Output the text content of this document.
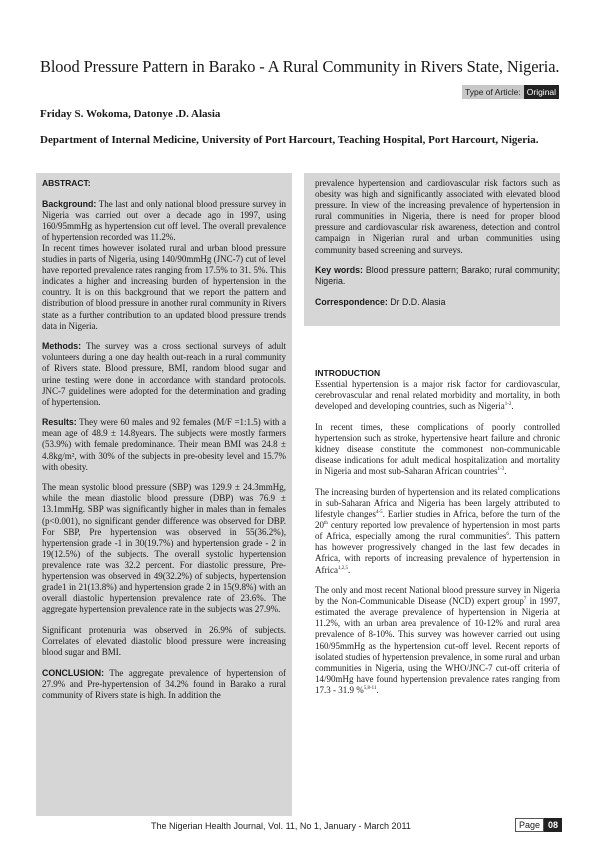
Blood Pressure Pattern in Barako - A Rural Community in Rivers State, Nigeria.
Type of Article: Original
Friday S. Wokoma, Datonye .D. Alasia
Department of Internal Medicine, University of Port Harcourt, Teaching Hospital, Port Harcourt, Nigeria.

ABSTRACT:

Background: The last and only national blood pressure survey in Nigeria was carried out over a decade ago in 1997, using 160/95mmHg as hypertension cut off level. The overall prevalence of hypertension recorded was 11.2%.

In recent times however isolated rural and urban blood pressure studies in parts of Nigeria, using 140/90mmHg (JNC-7) cut of level have reported prevalence rates ranging from 17.5% to 31. 5%. This indicates a higher and increasing burden of hypertension in the country. It is on this background that we report the pattern and distribution of blood pressure in another rural community in Rivers state as a further contribution to an updated blood pressure trends data in Nigeria.

Methods: The survey was a cross sectional surveys of adult volunteers during a one day health out-reach in a rural community of Rivers state. Blood pressure, BMI, random blood sugar and urine testing were done in accordance with standard protocols. JNC-7 guidelines were adopted for the determination and grading of hypertension.

Results: They were 60 males and 92 females (M/F =1:1.5) with a mean age of 48.9 ± 14.8years. The subjects were mostly farmers (53.9%) with female predominance. Their mean BMI was 24.8 ± 4.8kg/m², with 30% of the subjects in pre-obesity level and 15.7% with obesity.

The mean systolic blood pressure (SBP) was 129.9 ± 24.3mmHg, while the mean diastolic blood pressure (DBP) was 76.9 ± 13.1mmHg. SBP was significantly higher in males than in females (p<0.001), no significant gender difference was observed for DBP. For SBP, Pre hypertension was observed in 55(36.2%), hypertension grade -1 in 30(19.7%) and hypertension grade - 2 in 19(12.5%) of the subjects. The overall systolic hypertension prevalence rate was 32.2 percent. For diastolic pressure, Pre-hypertension was observed in 49(32.2%) of subjects, hypertension grade1 in 21(13.8%) and hypertension grade 2 in 15(9.8%) with an overall diastolic hypertension prevalence rate of 23.6%. The aggregate hypertension prevalence rate in the subjects was 27.9%.

Significant protenuria was observed in 26.9% of subjects. Correlates of elevated diastolic blood pressure were increasing blood sugar and BMI.

CONCLUSION: The aggregate prevalence of hypertension of 27.9% and Pre-hypertension of 34.2% found in Barako a rural community of Rivers state is high. In addition the

prevalence hypertension and cardiovascular risk factors such as obesity was high and significantly associated with elevated blood pressure. In view of the increasing prevalence of hypertension in rural communities in Nigeria, there is need for proper blood pressure and cardiovascular risk awareness, detection and control campaign in Nigerian rural and urban communities using community based screening and surveys.

Key words: Blood pressure pattern; Barako; rural community; Nigeria.

Correspondence: Dr D.D. Alasia

INTRODUCTION

Essential hypertension is a major risk factor for cardiovascular, cerebrovascular and renal related morbidity and mortality, in both developed and developing countries, such as Nigeria$^{1-2}$.

In recent times, these complications of poorly controlled hypertension such as stroke, hypertensive heart failure and chronic kidney disease constitute the commonest non-communicable disease indications for adult medical hospitalization and mortality in Nigeria and most sub-Saharan African countries$^{1-3}$.

The increasing burden of hypertension and its related complications in sub-Saharan Africa and Nigeria has been largely attributed to lifestyle changes$^{4-5}$. Earlier studies in Africa, before the turn of the 20th century reported low prevalence of hypertension in most parts of Africa, especially among the rural communities$^6$. This pattern has however progressively changed in the last few decades in Africa, with reports of increasing prevalence of hypertension in Africa$^{1,2,5}$.

The only and most recent National blood pressure survey in Nigeria by the Non-Communicable Disease (NCD) expert group$^7$ in 1997, estimated the average prevalence of hypertension in Nigeria at 11.2%, with an urban area prevalence of 10-12% and rural area prevalence of 8-10%. This survey was however carried out using 160/95mmHg as the hypertension cut-off level. Recent reports of isolated studies of hypertension prevalence, in some rural and urban communities in Nigeria, using the WHO/JNC-7 cut-off criteria of 14/90mHg have found hypertension prevalence rates ranging from 17.3 - 31.9 %$^{5,8-11}$.

The Nigerian Health Journal, Vol. 11, No 1, January - March 2011	Page 08
